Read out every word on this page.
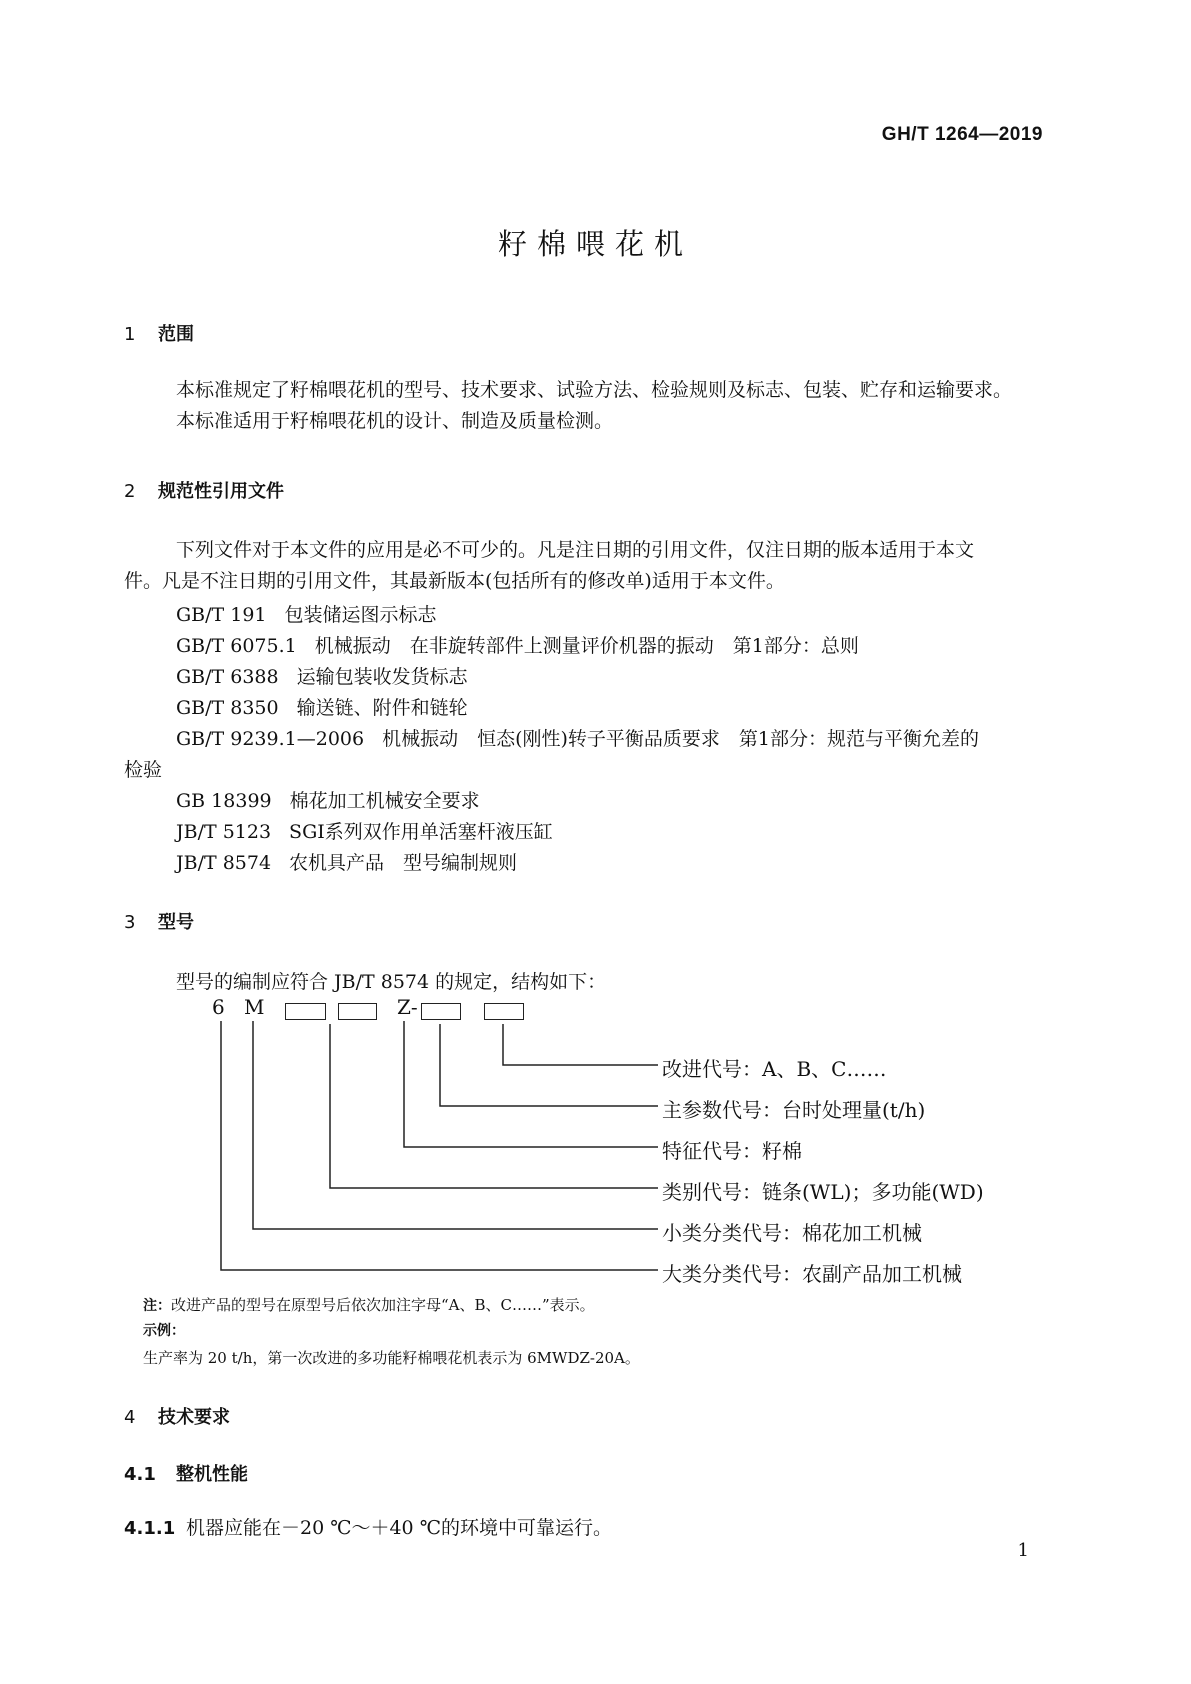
GH/T 1264—2019
籽棉喂花机
1 范围
本标准规定了籽棉喂花机的型号、技术要求、试验方法、检验规则及标志、包装、贮存和运输要求。
本标准适用于籽棉喂花机的设计、制造及质量检测。
2 规范性引用文件
下列文件对于本文件的应用是必不可少的。凡是注日期的引用文件，仅注日期的版本适用于本文
件。凡是不注日期的引用文件，其最新版本(包括所有的修改单)适用于本文件。
GB/T 191 包装储运图示标志
GB/T 6075.1 机械振动　在非旋转部件上测量评价机器的振动　第1部分：总则
GB/T 6388 运输包装收发货标志
GB/T 8350 输送链、附件和链轮
GB/T 9239.1—2006 机械振动　恒态(刚性)转子平衡品质要求　第1部分：规范与平衡允差的
检验
GB 18399 棉花加工机械安全要求
JB/T 5123 SGI系列双作用单活塞杆液压缸
JB/T 8574 农机具产品　型号编制规则
3 型号
型号的编制应符合 JB/T 8574 的规定，结构如下：
6 M	Z-
改进代号：A、B、C……
主参数代号：台时处理量(t/h)
特征代号：籽棉
类别代号：链条(WL)；多功能(WD)
小类分类代号：棉花加工机械
大类分类代号：农副产品加工机械
注：改进产品的型号在原型号后依次加注字母“A、B、C……”表示。
示例：
生产率为 20 t/h，第一次改进的多功能籽棉喂花机表示为 6MWDZ-20A。
4 技术要求
4.1 整机性能
4.1.1 机器应能在－20 ℃～＋40 ℃的环境中可靠运行。
1
